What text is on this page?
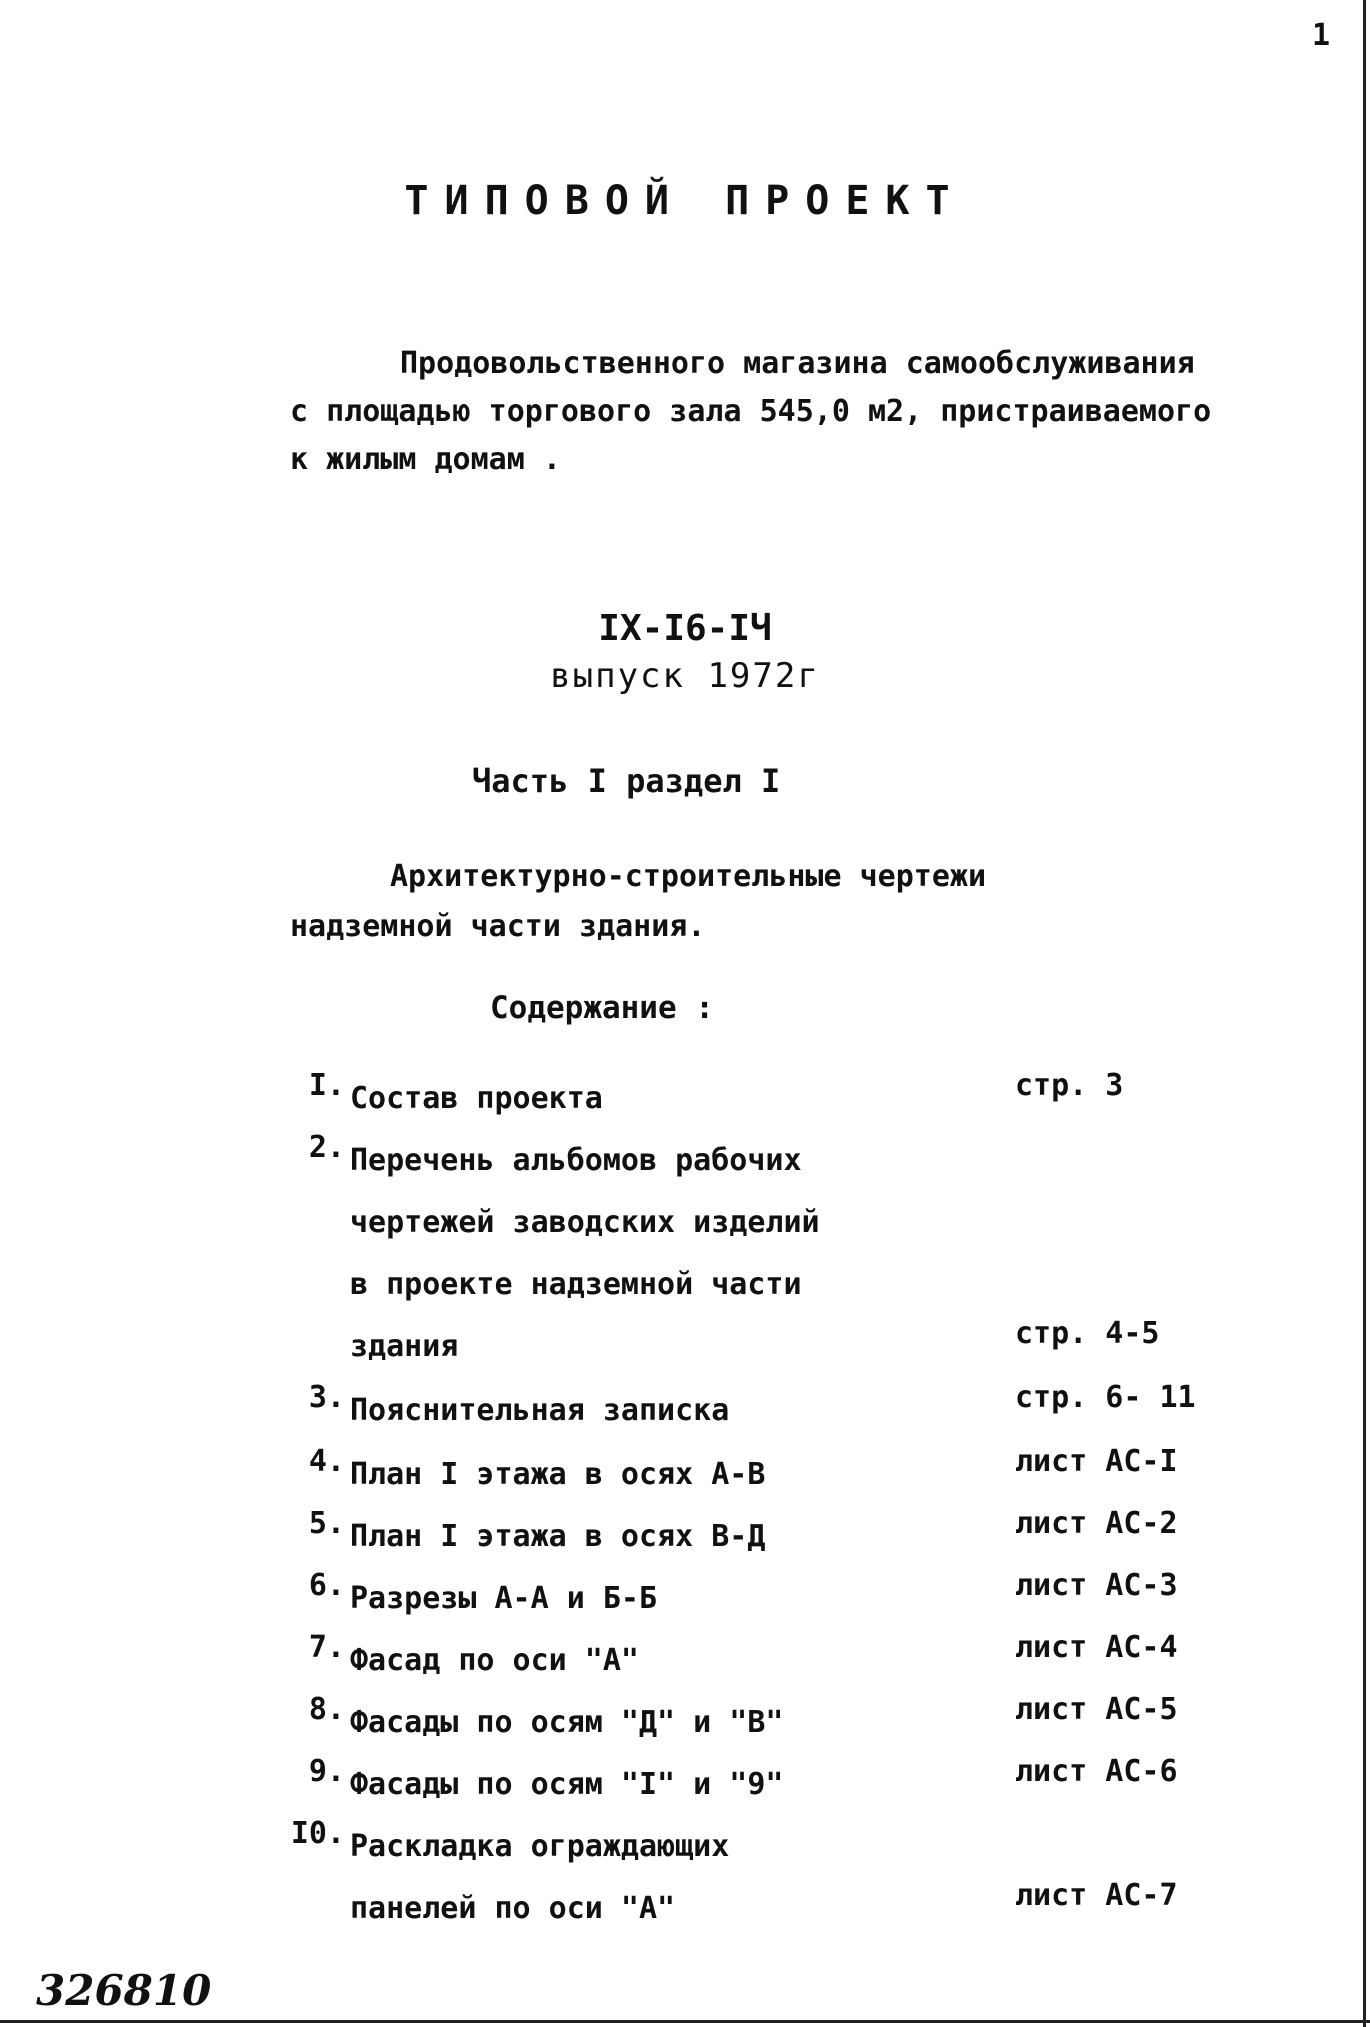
1
ТИПОВОЙ ПРОЕКТ
Продовольственного магазина самообслуживания
с площадью торгового зала 545,0 м2, пристраиваемого
к жилым домам .
IX-I6-IЧ
выпуск 1972г
Часть I раздел I
Архитектурно-строительные чертежи
надземной части здания.
Содержание :
I. Состав проекта	стр. 3
2. Перечень альбомов рабочих
чертежей заводских изделий
в проекте надземной части
здания	стр. 4-5
3. Пояснительная записка	стр. 6- 11
4. План I этажа в осях А-В	лист АС-I
5. План I этажа в осях В-Д	лист АС-2
6. Разрезы А-А и Б-Б	лист АС-3
7. Фасад по оси "А"	лист АС-4
8. Фасады по осям "Д" и "В"	лист АС-5
9. Фасады по осям "I" и "9"	лист АС-6
I0. Раскладка ограждающих
панелей по оси "А"	лист АС-7
326810
